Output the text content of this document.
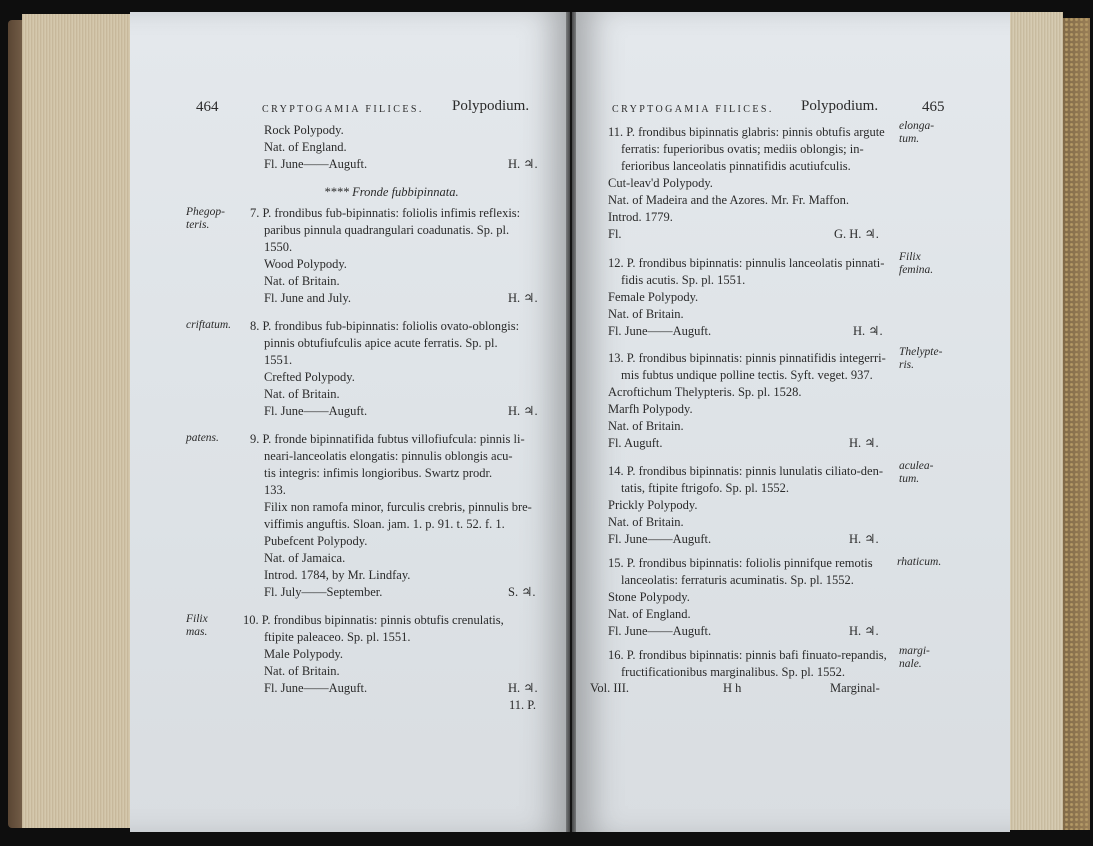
464	CRYPTOGAMIA FILICES. Polypodium.
Rock Polypody.
Nat. of England.
Fl. June——Auguft.	H. ♃.
**** Fronde fubbipinnata.
Phegop-teris.
7. P. frondibus fub-bipinnatis: foliolis infimis reflexis:
paribus pinnula quadrangulari coadunatis. Sp. pl.
1550.
Wood Polypody.
Nat. of Britain.
Fl. June and July.	H. ♃.
criftatum.	8. P. frondibus fub-bipinnatis: foliolis ovato-oblongis:
pinnis obtufiufculis apice acute ferratis. Sp. pl.
1551.
Crefted Polypody.
Nat. of Britain.
Fl. June——Auguft.	H. ♃.
patens.	9. P. fronde bipinnatifida fubtus villofiufcula: pinnis li-
neari-lanceolatis elongatis: pinnulis oblongis acu-
tis integris: infimis longioribus. Swartz prodr.
133.
Filix non ramofa minor, furculis crebris, pinnulis bre-
viffimis anguftis. Sloan. jam. 1. p. 91. t. 52. f. 1.
Pubefcent Polypody.
Nat. of Jamaica.
Introd. 1784, by Mr. Lindfay.
Fl. July——September.	S. ♃.
Filix mas.
10. P. frondibus bipinnatis: pinnis obtufis crenulatis,
ftipite paleaceo. Sp. pl. 1551.
Male Polypody.
Nat. of Britain.
Fl. June——Auguft.	H. ♃.
11. P.
CRYPTOGAMIA FILICES. Polypodium.	465
elonga-tum.
11. P. frondibus bipinnatis glabris: pinnis obtufis argute
ferratis: fuperioribus ovatis; mediis oblongis; in-
ferioribus lanceolatis pinnatifidis acutiufculis.
Cut-leav'd Polypody.
Nat. of Madeira and the Azores. Mr. Fr. Maffon.
Introd. 1779.
Fl.	G. H. ♃.
Filix femina.
12. P. frondibus bipinnatis: pinnulis lanceolatis pinnati-
fidis acutis. Sp. pl. 1551.
Female Polypody.
Nat. of Britain.
Fl. June——Auguft.	H. ♃.
Thelypte-ris.
13. P. frondibus bipinnatis: pinnis pinnatifidis integerri-
mis fubtus undique polline tectis. Syft. veget. 937.
Acroftichum Thelypteris. Sp. pl. 1528.
Marfh Polypody.
Nat. of Britain.
Fl. Auguft.	H. ♃.
aculea-tum.
14. P. frondibus bipinnatis: pinnis lunulatis ciliato-den-
tatis, ftipite ftrigofo. Sp. pl. 1552.
Prickly Polypody.
Nat. of Britain.
Fl. June——Auguft.	H. ♃.
rhaticum.
15. P. frondibus bipinnatis: foliolis pinnifque remotis
lanceolatis: ferraturis acuminatis. Sp. pl. 1552.
Stone Polypody.
Nat. of England.
Fl. June——Auguft.	H. ♃.
margi-nale.
16. P. frondibus bipinnatis: pinnis bafi finuato-repandis,
fructificationibus marginalibus. Sp. pl. 1552.
Vol. III.	H h	Marginal-
